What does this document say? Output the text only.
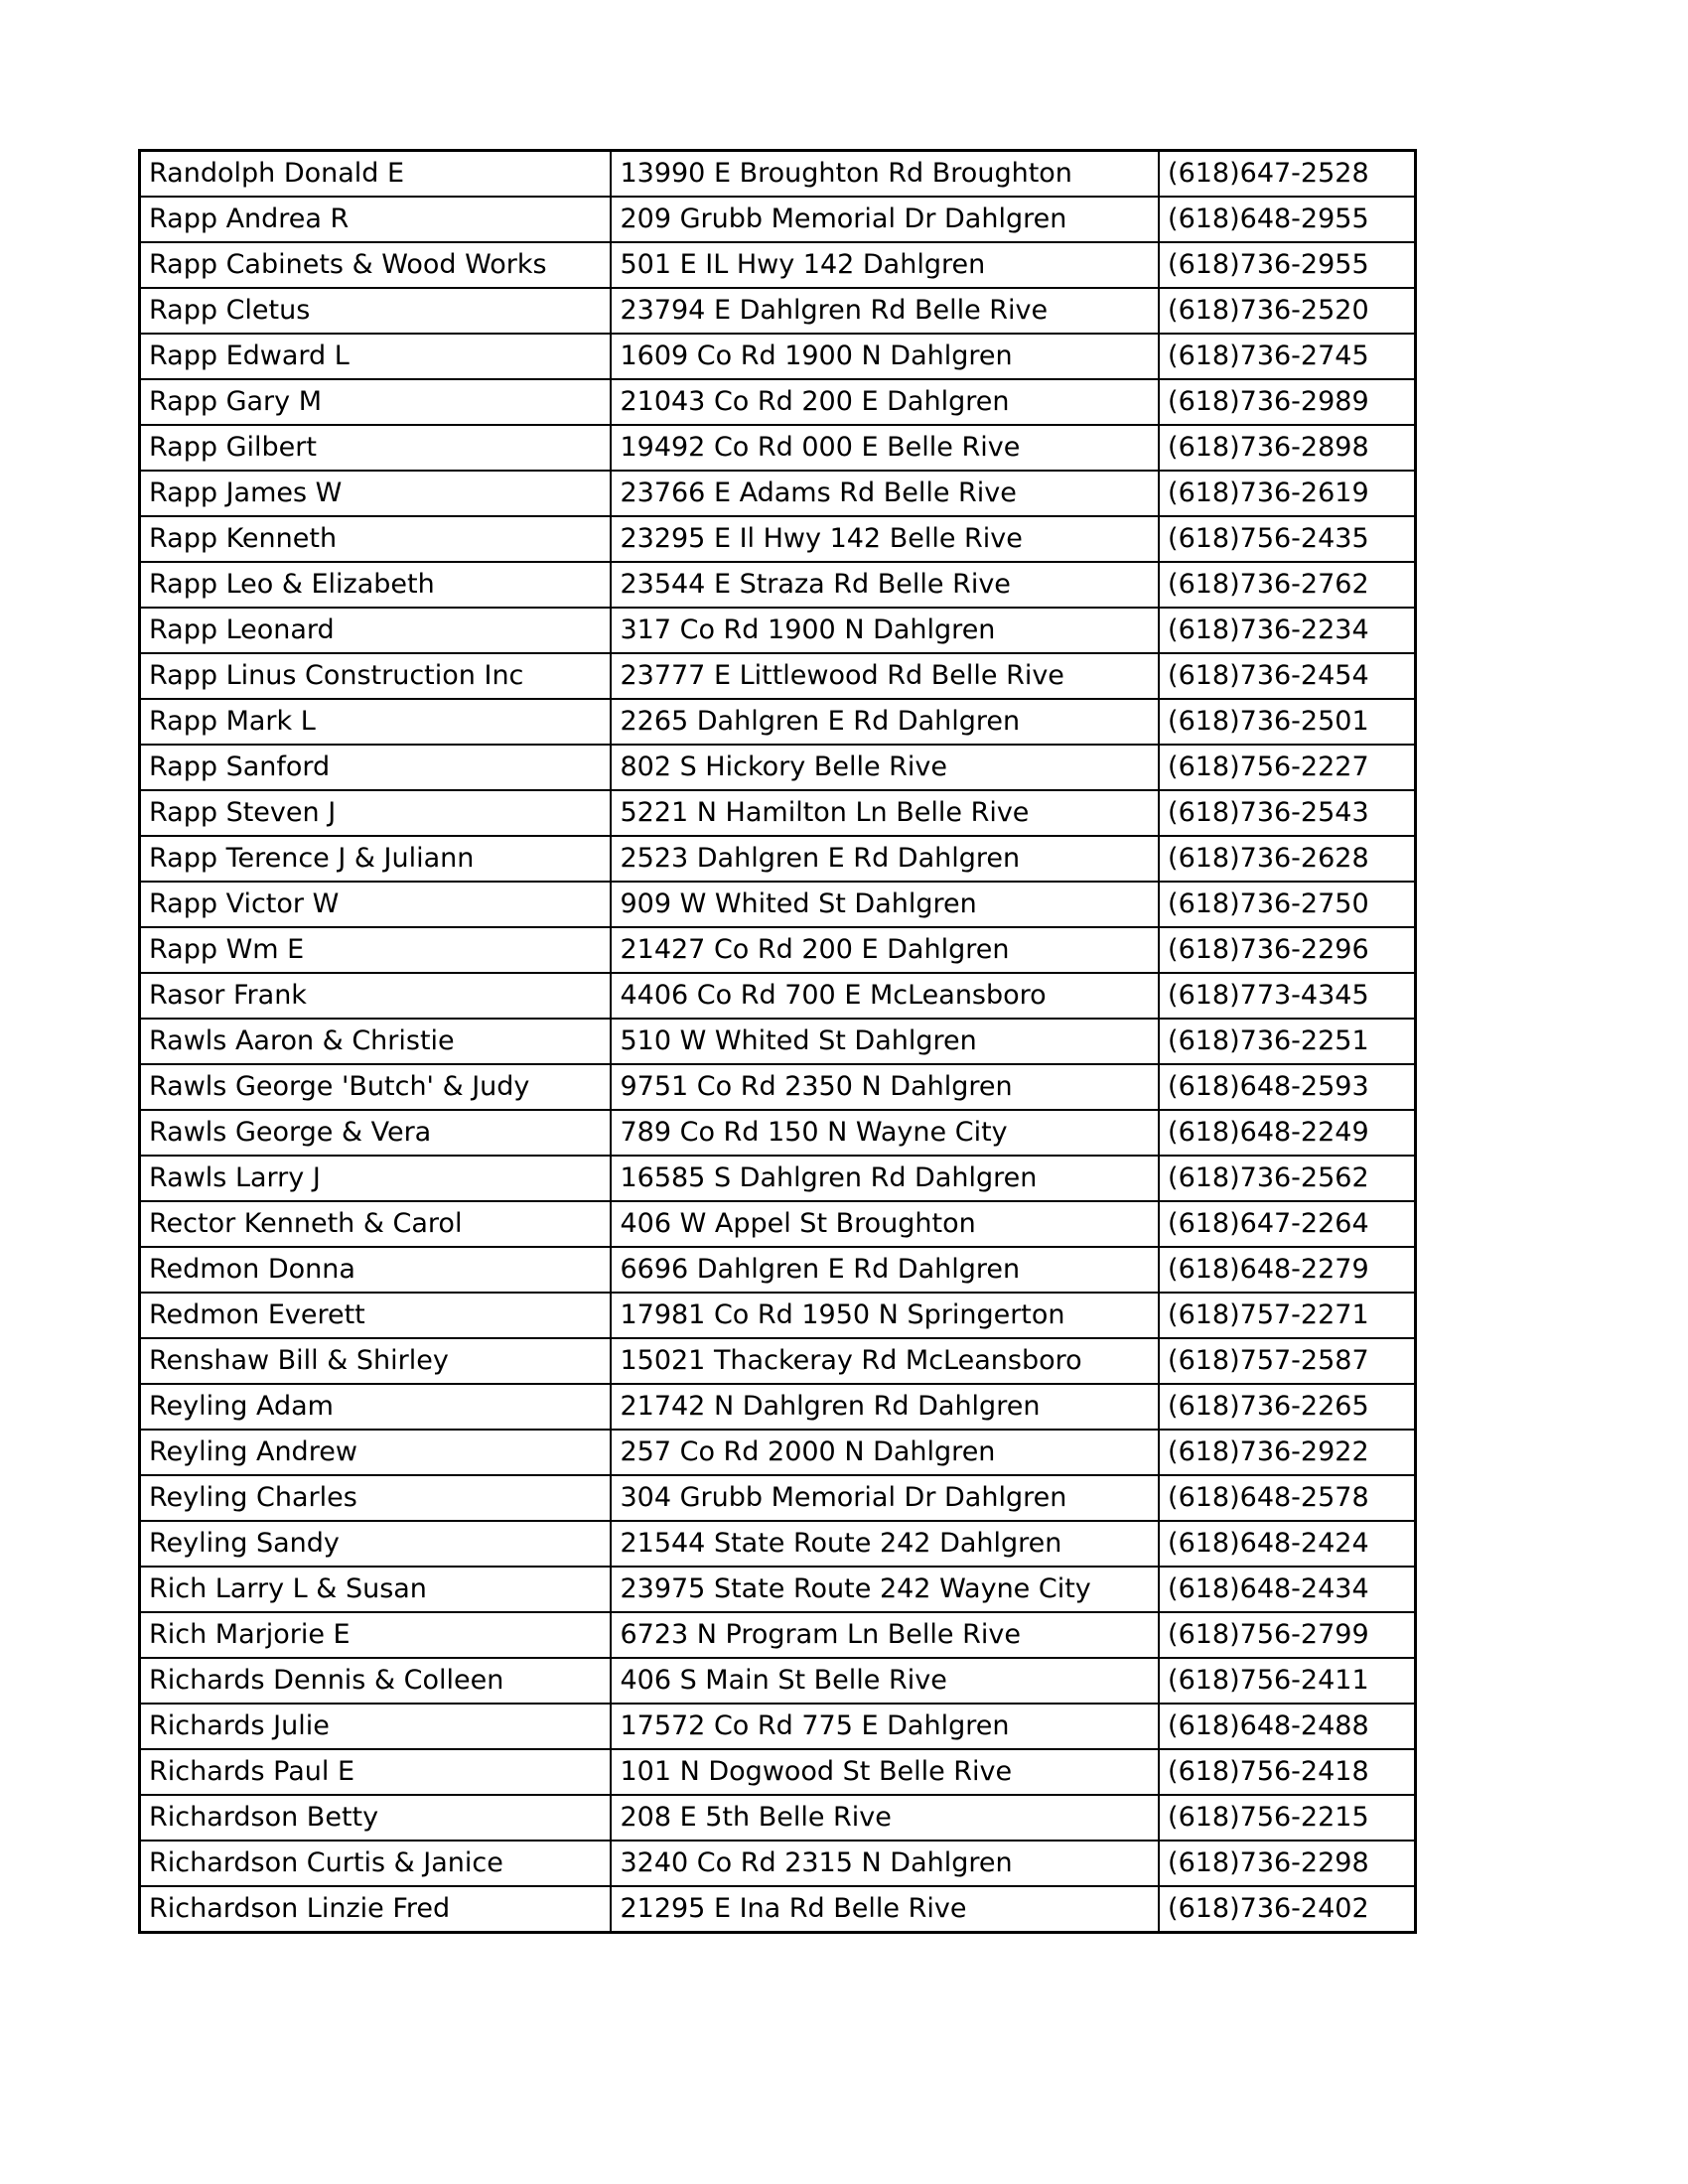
Randolph Donald E	13990 E Broughton Rd Broughton	(618)647-2528
Rapp Andrea R	209 Grubb Memorial Dr Dahlgren	(618)648-2955
Rapp Cabinets & Wood Works	501 E IL Hwy 142 Dahlgren	(618)736-2955
Rapp Cletus	23794 E Dahlgren Rd Belle Rive	(618)736-2520
Rapp Edward L	1609 Co Rd 1900 N Dahlgren	(618)736-2745
Rapp Gary M	21043 Co Rd 200 E Dahlgren	(618)736-2989
Rapp Gilbert	19492 Co Rd 000 E Belle Rive	(618)736-2898
Rapp James W	23766 E Adams Rd Belle Rive	(618)736-2619
Rapp Kenneth	23295 E Il Hwy 142 Belle Rive	(618)756-2435
Rapp Leo & Elizabeth	23544 E Straza Rd Belle Rive	(618)736-2762
Rapp Leonard	317 Co Rd 1900 N Dahlgren	(618)736-2234
Rapp Linus Construction Inc	23777 E Littlewood Rd Belle Rive	(618)736-2454
Rapp Mark L	2265 Dahlgren E Rd Dahlgren	(618)736-2501
Rapp Sanford	802 S Hickory Belle Rive	(618)756-2227
Rapp Steven J	5221 N Hamilton Ln Belle Rive	(618)736-2543
Rapp Terence J & Juliann	2523 Dahlgren E Rd Dahlgren	(618)736-2628
Rapp Victor W	909 W Whited St Dahlgren	(618)736-2750
Rapp Wm E	21427 Co Rd 200 E Dahlgren	(618)736-2296
Rasor Frank	4406 Co Rd 700 E McLeansboro	(618)773-4345
Rawls Aaron & Christie	510 W Whited St Dahlgren	(618)736-2251
Rawls George 'Butch' & Judy	9751 Co Rd 2350 N Dahlgren	(618)648-2593
Rawls George & Vera	789 Co Rd 150 N Wayne City	(618)648-2249
Rawls Larry J	16585 S Dahlgren Rd Dahlgren	(618)736-2562
Rector Kenneth & Carol	406 W Appel St Broughton	(618)647-2264
Redmon Donna	6696 Dahlgren E Rd Dahlgren	(618)648-2279
Redmon Everett	17981 Co Rd 1950 N Springerton	(618)757-2271
Renshaw Bill & Shirley	15021 Thackeray Rd McLeansboro	(618)757-2587
Reyling Adam	21742 N Dahlgren Rd Dahlgren	(618)736-2265
Reyling Andrew	257 Co Rd 2000 N Dahlgren	(618)736-2922
Reyling Charles	304 Grubb Memorial Dr Dahlgren	(618)648-2578
Reyling Sandy	21544 State Route 242 Dahlgren	(618)648-2424
Rich Larry L & Susan	23975 State Route 242 Wayne City	(618)648-2434
Rich Marjorie E	6723 N Program Ln Belle Rive	(618)756-2799
Richards Dennis & Colleen	406 S Main St Belle Rive	(618)756-2411
Richards Julie	17572 Co Rd 775 E Dahlgren	(618)648-2488
Richards Paul E	101 N Dogwood St Belle Rive	(618)756-2418
Richardson Betty	208 E 5th Belle Rive	(618)756-2215
Richardson Curtis & Janice	3240 Co Rd 2315 N Dahlgren	(618)736-2298
Richardson Linzie Fred	21295 E Ina Rd Belle Rive	(618)736-2402
